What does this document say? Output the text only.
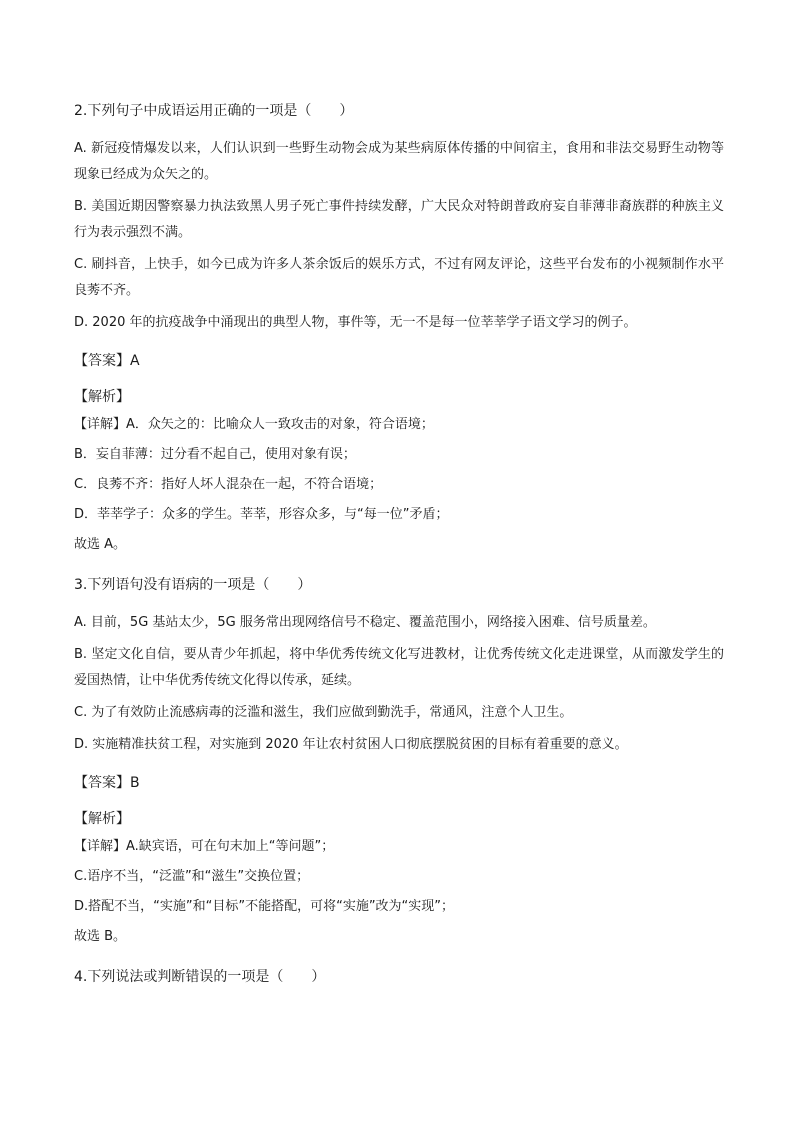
2.下列句子中成语运用正确的一项是（　　）

A. 新冠疫情爆发以来，人们认识到一些野生动物会成为某些病原体传播的中间宿主，食用和非法交易野生动物等现象已经成为众矢之的。

B. 美国近期因警察暴力执法致黑人男子死亡事件持续发酵，广大民众对特朗普政府妄自菲薄非裔族群的种族主义行为表示强烈不满。

C. 刷抖音，上快手，如今已成为许多人茶余饭后的娱乐方式，不过有网友评论，这些平台发布的小视频制作水平良莠不齐。

D. 2020 年的抗疫战争中涌现出的典型人物，事件等，无一不是每一位莘莘学子语文学习的例子。

【答案】A

【解析】

【详解】A．众矢之的：比喻众人一致攻击的对象，符合语境；

B．妄自菲薄：过分看不起自己，使用对象有误；

C．良莠不齐：指好人坏人混杂在一起，不符合语境；

D．莘莘学子：众多的学生。莘莘，形容众多，与“每一位”矛盾；

故选 A。

3.下列语句没有语病的一项是（　　）

A. 目前，5G 基站太少，5G 服务常出现网络信号不稳定、覆盖范围小，网络接入困难、信号质量差。

B. 坚定文化自信，要从青少年抓起，将中华优秀传统文化写进教材，让优秀传统文化走进课堂，从而激发学生的爱国热情，让中华优秀传统文化得以传承，延续。

C. 为了有效防止流感病毒的泛滥和滋生，我们应做到勤洗手，常通风，注意个人卫生。

D. 实施精准扶贫工程，对实施到 2020 年让农村贫困人口彻底摆脱贫困的目标有着重要的意义。

【答案】B

【解析】

【详解】A.缺宾语，可在句末加上“等问题”；

C.语序不当，“泛滥”和“滋生”交换位置；

D.搭配不当，“实施”和“目标”不能搭配，可将“实施”改为“实现”；

故选 B。

4.下列说法或判断错误的一项是（　　）
